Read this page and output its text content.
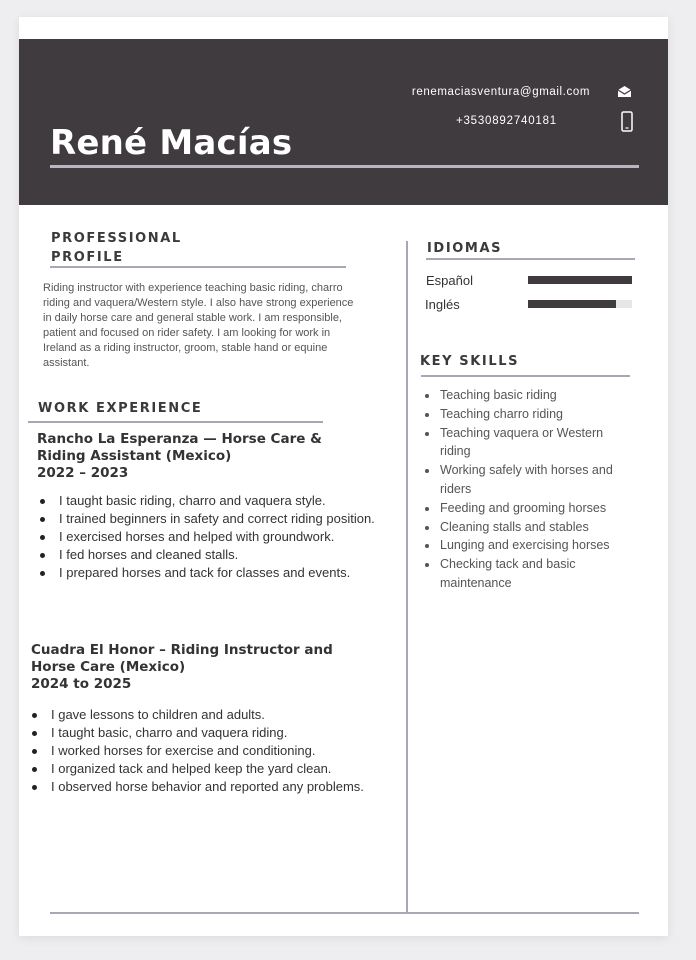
René Macías
renemaciasventura@gmail.com
+3530892740181
PROFESSIONAL
PROFILE
Riding instructor with experience teaching basic riding, charro riding and vaquera/Western style. I also have strong experience in daily horse care and general stable work. I am responsible, patient and focused on rider safety. I am looking for work in Ireland as a riding instructor, groom, stable hand or equine assistant.
WORK EXPERIENCE
Rancho La Esperanza — Horse Care &
Riding Assistant (Mexico)
2022 – 2023
I taught basic riding, charro and vaquera style.
I trained beginners in safety and correct riding position.
I exercised horses and helped with groundwork.
I fed horses and cleaned stalls.
I prepared horses and tack for classes and events.
Cuadra El Honor – Riding Instructor and
Horse Care (Mexico)
2024 to 2025
I gave lessons to children and adults.
I taught basic, charro and vaquera riding.
I worked horses for exercise and conditioning.
I organized tack and helped keep the yard clean.
I observed horse behavior and reported any problems.
IDIOMAS
Español
Inglés
KEY SKILLS
Teaching basic riding
Teaching charro riding
Teaching vaquera or Western riding
Working safely with horses and riders
Feeding and grooming horses
Cleaning stalls and stables
Lunging and exercising horses
Checking tack and basic maintenance
